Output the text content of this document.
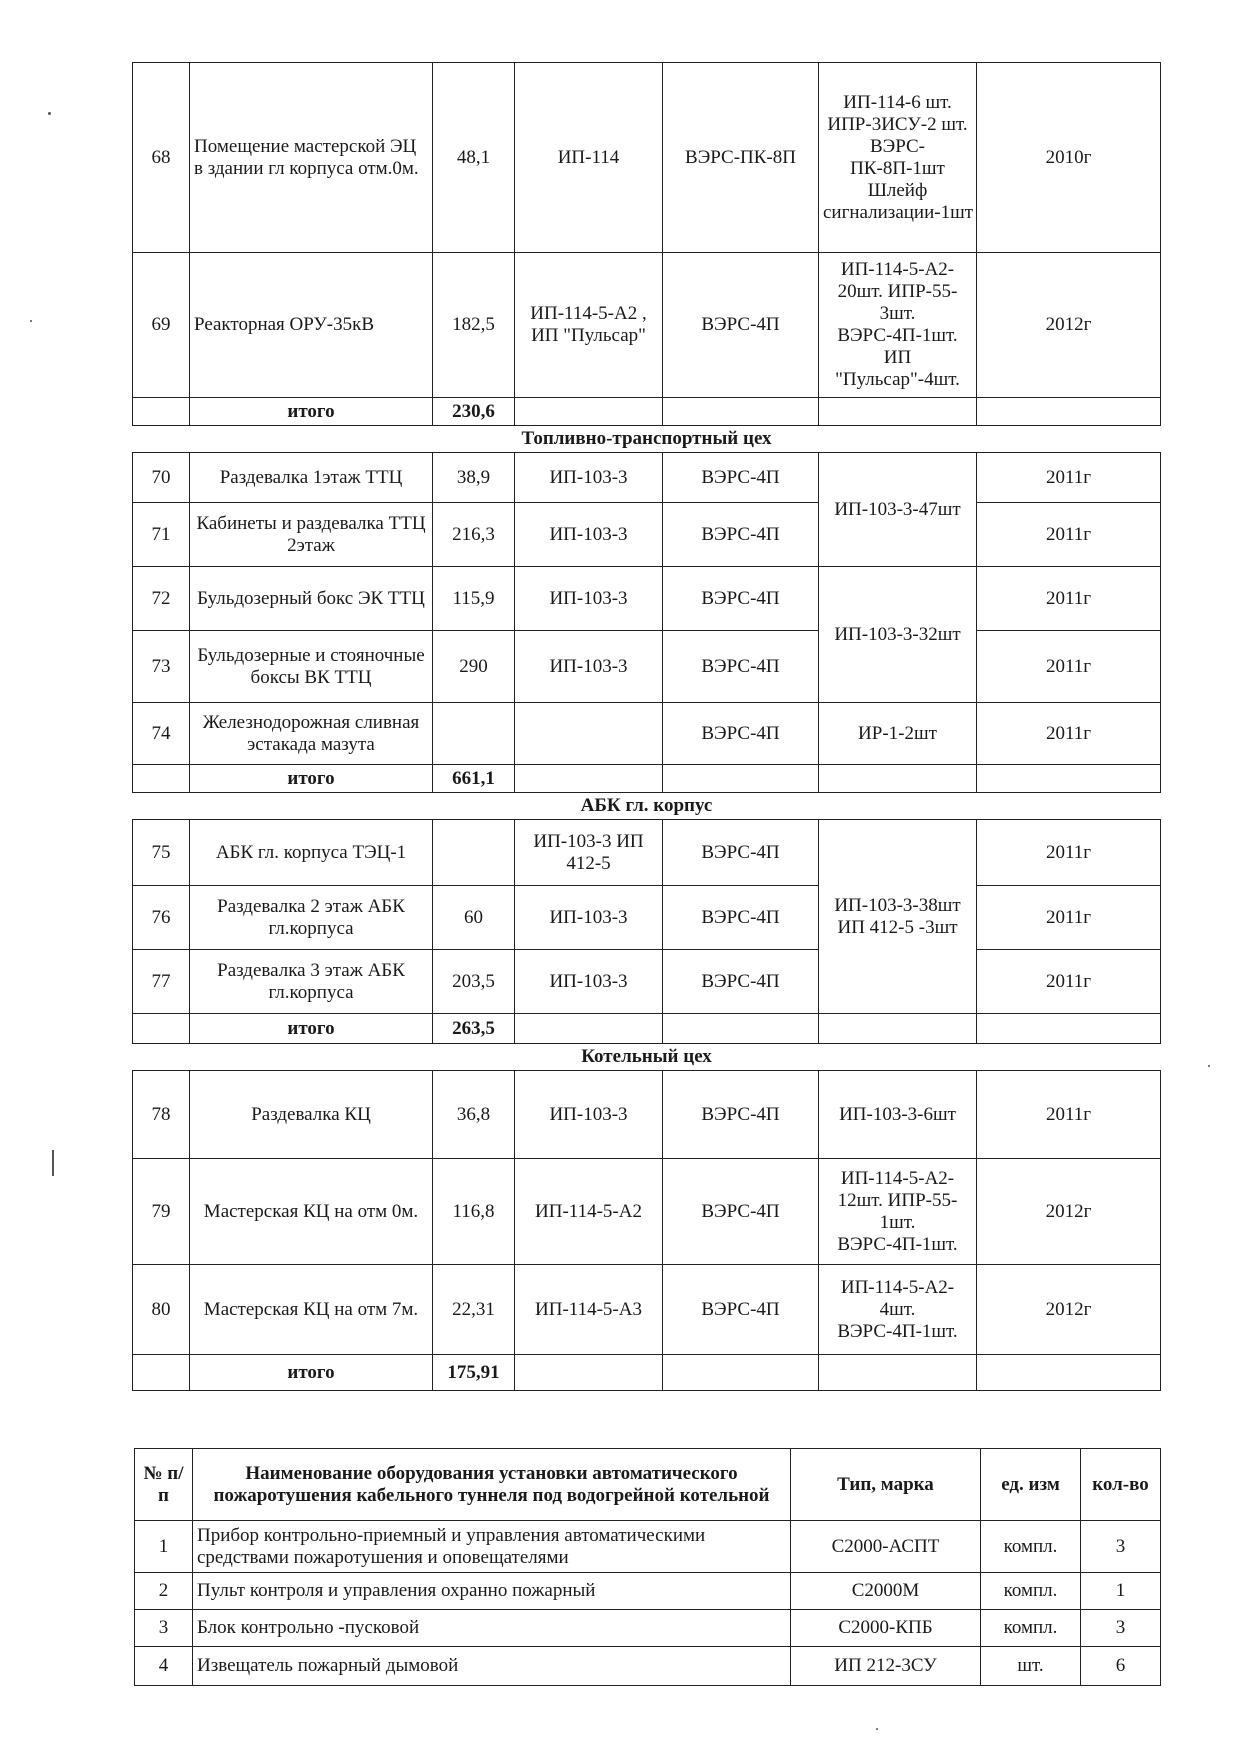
68	Помещение мастерской ЭЦ в здании гл корпуса отм.0м.	48,1	ИП-114	ВЭРС-ПК-8П	ИП-114-6 шт. ИПР-3ИСУ-2 шт. ВЭРС-ПК-8П-1шт Шлейф сигнализации-1шт	2010г
69	Реакторная ОРУ-35кВ	182,5	ИП-114-5-А2 , ИП "Пульсар"	ВЭРС-4П	ИП-114-5-А2-20шт. ИПР-55-3шт. ВЭРС-4П-1шт. ИП "Пульсар"-4шт.	2012г
	итого	230,6				
Топливно-транспортный цех						
70	Раздевалка 1этаж ТТЦ	38,9	ИП-103-3	ВЭРС-4П	ИП-103-3-47шт	2011г
71	Кабинеты и раздевалка ТТЦ 2этаж	216,3	ИП-103-3	ВЭРС-4П		2011г
72	Бульдозерный бокс ЭК ТТЦ	115,9	ИП-103-3	ВЭРС-4П	ИП-103-3-32шт	2011г
73	Бульдозерные и стояночные боксы ВК ТТЦ	290	ИП-103-3	ВЭРС-4П		2011г
74	Железнодорожная сливная эстакада мазута			ВЭРС-4П	ИР-1-2шт	2011г
	итого	661,1				
АБК гл. корпус						
75	АБК гл. корпуса ТЭЦ-1		ИП-103-3 ИП 412-5	ВЭРС-4П	ИП-103-3-38шт ИП 412-5 -3шт	2011г
76	Раздевалка 2 этаж АБК гл.корпуса	60	ИП-103-3	ВЭРС-4П		2011г
77	Раздевалка 3 этаж АБК гл.корпуса	203,5	ИП-103-3	ВЭРС-4П		2011г
	итого	263,5				
Котельный цех						
78	Раздевалка КЦ	36,8	ИП-103-3	ВЭРС-4П	ИП-103-3-6шт	2011г
79	Мастерская КЦ на отм 0м.	116,8	ИП-114-5-А2	ВЭРС-4П	ИП-114-5-А2-12шт. ИПР-55-1шт. ВЭРС-4П-1шт.	2012г
80	Мастерская КЦ на отм 7м.	22,31	ИП-114-5-А3	ВЭРС-4П	ИП-114-5-А2-4шт. ВЭРС-4П-1шт.	2012г
	итого	175,91				
№ п/п	Наименование оборудования установки автоматического пожаротушения кабельного туннеля под водогрейной котельной	Тип, марка	ед. изм	кол-во
1	Прибор контрольно-приемный и управления автоматическими средствами пожаротушения и оповещателями	С2000-АСПТ	компл.	3
2	Пульт контроля и управления охранно пожарный	С2000М	компл.	1
3	Блок контрольно -пусковой	С2000-КПБ	компл.	3
4	Извещатель пожарный дымовой	ИП 212-3СУ	шт.	6
